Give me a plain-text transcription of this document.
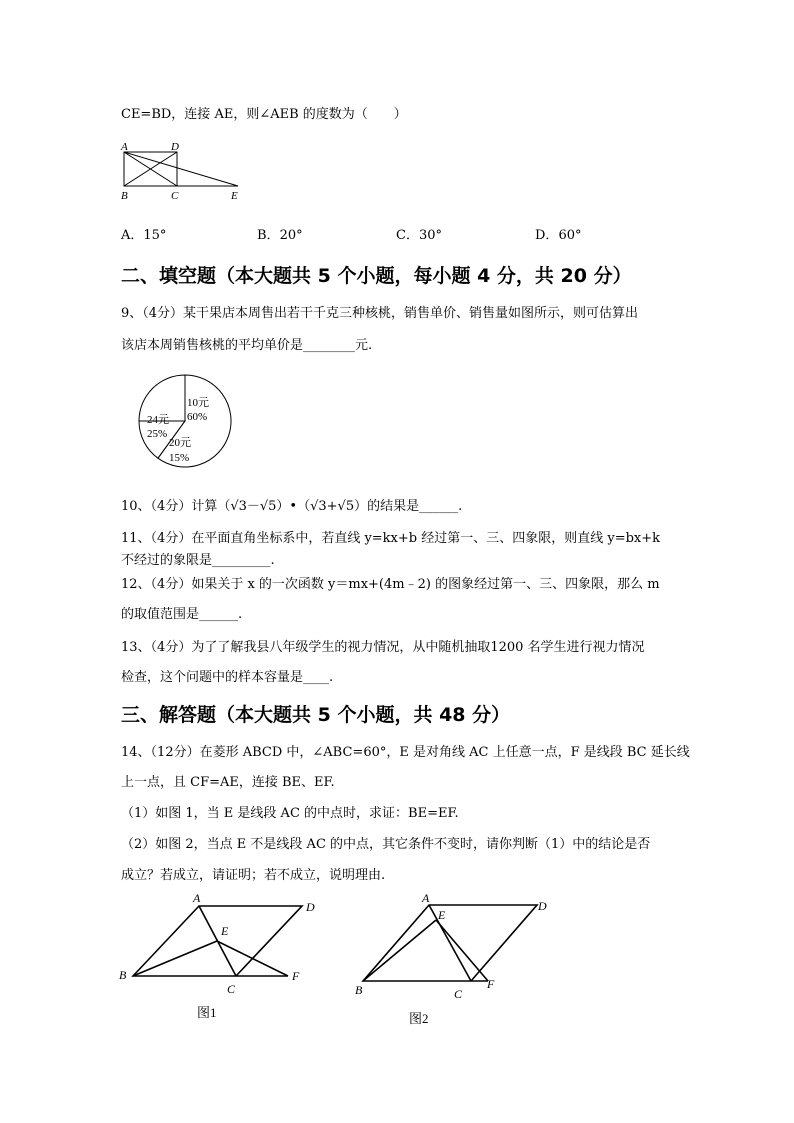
CE=BD，连接 AE，则∠AEB 的度数为（　　）
A	D
B	C	E
A．15°	B．20°	C．30°	D．60°
二、填空题（本大题共 5 个小题，每小题 4 分，共 20 分）
9、（4分）某干果店本周售出若干千克三种核桃，销售单价、销售量如图所示，则可估算出
该店本周销售核桃的平均单价是________元.
10元
60%
24元
25%
20元
15%
10、（4分）计算（√3－√5）•（√3+√5）的结果是______.
11、（4分）在平面直角坐标系中，若直线 y=kx+b 经过第一、三、四象限，则直线 y=bx+k
不经过的象限是_________.
12、（4分）如果关于 x 的一次函数 y＝mx+(4m﹣2) 的图象经过第一、三、四象限，那么 m
的取值范围是______.
13、（4分）为了了解我县八年级学生的视力情况，从中随机抽取1200 名学生进行视力情况
检查，这个问题中的样本容量是____.
三、解答题（本大题共 5 个小题，共 48 分）
14、（12分）在菱形 ABCD 中，∠ABC=60°，E 是对角线 AC 上任意一点，F 是线段 BC 延长线
上一点，且 CF=AE，连接 BE、EF.
（1）如图 1，当 E 是线段 AC 的中点时，求证：BE=EF.
（2）如图 2，当点 E 不是线段 AC 的中点，其它条件不变时，请你判断（1）中的结论是否
成立？若成立，请证明；若不成立，说明理由.
A
D
E
B
C
F
图1
A
D
E
B	C
F
图2
